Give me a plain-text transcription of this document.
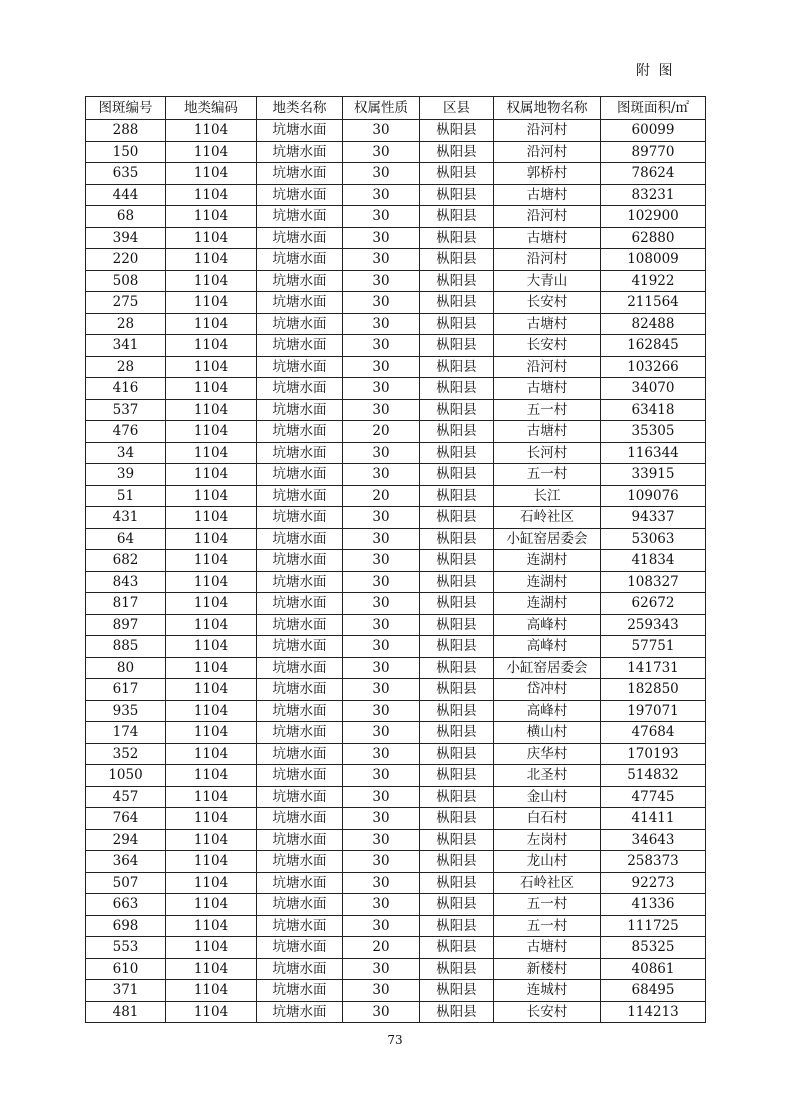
附 图
图斑编号	地类编码	地类名称	权属性质	区县	权属地物名称	图斑面积/㎡
288	1104	坑塘水面	30	枞阳县	沿河村	60099
150	1104	坑塘水面	30	枞阳县	沿河村	89770
635	1104	坑塘水面	30	枞阳县	郭桥村	78624
444	1104	坑塘水面	30	枞阳县	古塘村	83231
68	1104	坑塘水面	30	枞阳县	沿河村	102900
394	1104	坑塘水面	30	枞阳县	古塘村	62880
220	1104	坑塘水面	30	枞阳县	沿河村	108009
508	1104	坑塘水面	30	枞阳县	大青山	41922
275	1104	坑塘水面	30	枞阳县	长安村	211564
28	1104	坑塘水面	30	枞阳县	古塘村	82488
341	1104	坑塘水面	30	枞阳县	长安村	162845
28	1104	坑塘水面	30	枞阳县	沿河村	103266
416	1104	坑塘水面	30	枞阳县	古塘村	34070
537	1104	坑塘水面	30	枞阳县	五一村	63418
476	1104	坑塘水面	20	枞阳县	古塘村	35305
34	1104	坑塘水面	30	枞阳县	长河村	116344
39	1104	坑塘水面	30	枞阳县	五一村	33915
51	1104	坑塘水面	20	枞阳县	长江	109076
431	1104	坑塘水面	30	枞阳县	石岭社区	94337
64	1104	坑塘水面	30	枞阳县	小缸窑居委会	53063
682	1104	坑塘水面	30	枞阳县	连湖村	41834
843	1104	坑塘水面	30	枞阳县	连湖村	108327
817	1104	坑塘水面	30	枞阳县	连湖村	62672
897	1104	坑塘水面	30	枞阳县	高峰村	259343
885	1104	坑塘水面	30	枞阳县	高峰村	57751
80	1104	坑塘水面	30	枞阳县	小缸窑居委会	141731
617	1104	坑塘水面	30	枞阳县	岱冲村	182850
935	1104	坑塘水面	30	枞阳县	高峰村	197071
174	1104	坑塘水面	30	枞阳县	横山村	47684
352	1104	坑塘水面	30	枞阳县	庆华村	170193
1050	1104	坑塘水面	30	枞阳县	北圣村	514832
457	1104	坑塘水面	30	枞阳县	金山村	47745
764	1104	坑塘水面	30	枞阳县	白石村	41411
294	1104	坑塘水面	30	枞阳县	左岗村	34643
364	1104	坑塘水面	30	枞阳县	龙山村	258373
507	1104	坑塘水面	30	枞阳县	石岭社区	92273
663	1104	坑塘水面	30	枞阳县	五一村	41336
698	1104	坑塘水面	30	枞阳县	五一村	111725
553	1104	坑塘水面	20	枞阳县	古塘村	85325
610	1104	坑塘水面	30	枞阳县	新楼村	40861
371	1104	坑塘水面	30	枞阳县	连城村	68495
481	1104	坑塘水面	30	枞阳县	长安村	114213
73
